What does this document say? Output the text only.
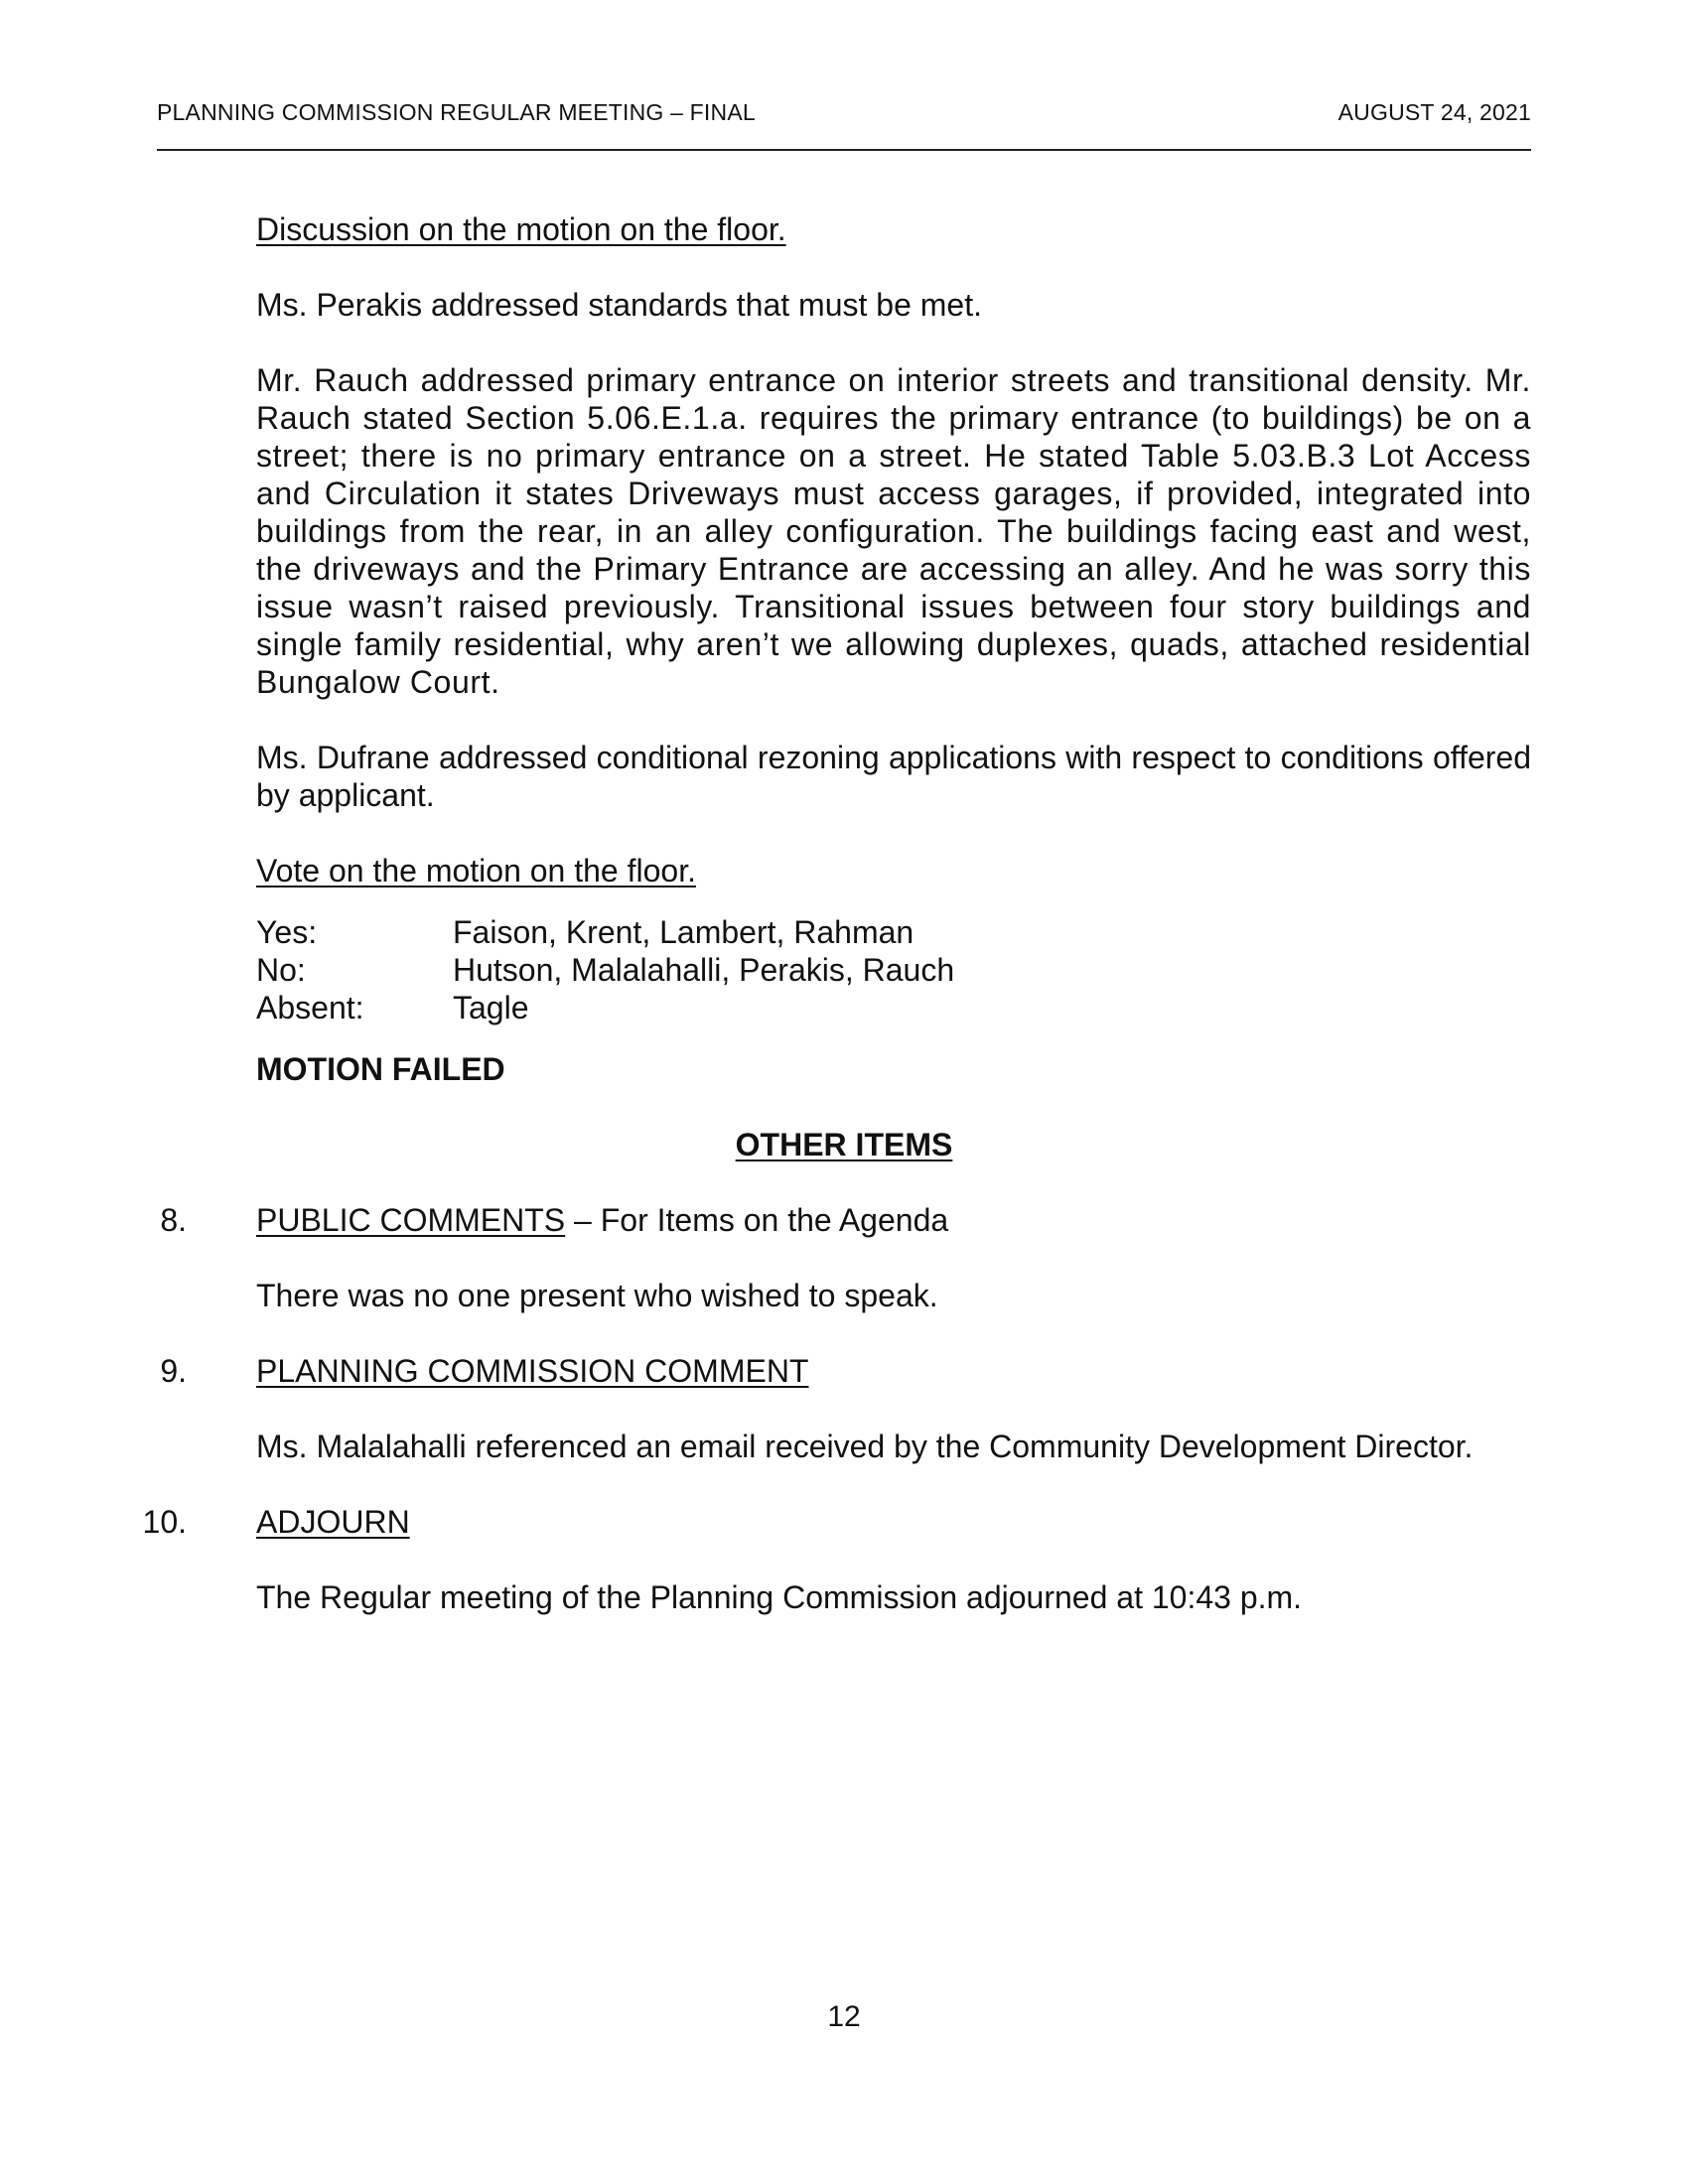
PLANNING COMMISSION REGULAR MEETING – FINAL	AUGUST 24, 2021
Discussion on the motion on the floor.
Ms. Perakis addressed standards that must be met.
Mr. Rauch addressed primary entrance on interior streets and transitional density. Mr. Rauch stated Section 5.06.E.1.a. requires the primary entrance (to buildings) be on a street; there is no primary entrance on a street. He stated Table 5.03.B.3 Lot Access and Circulation it states Driveways must access garages, if provided, integrated into buildings from the rear, in an alley configuration. The buildings facing east and west, the driveways and the Primary Entrance are accessing an alley. And he was sorry this issue wasn’t raised previously. Transitional issues between four story buildings and single family residential, why aren’t we allowing duplexes, quads, attached residential Bungalow Court.
Ms. Dufrane addressed conditional rezoning applications with respect to conditions offered by applicant.
Vote on the motion on the floor.
Yes:	Faison, Krent, Lambert, Rahman
No:	Hutson, Malalahalli, Perakis, Rauch
Absent:	Tagle
MOTION FAILED
OTHER ITEMS
8. PUBLIC COMMENTS – For Items on the Agenda
There was no one present who wished to speak.
9. PLANNING COMMISSION COMMENT
Ms. Malalahalli referenced an email received by the Community Development Director.
10. ADJOURN
The Regular meeting of the Planning Commission adjourned at 10:43 p.m.
12
